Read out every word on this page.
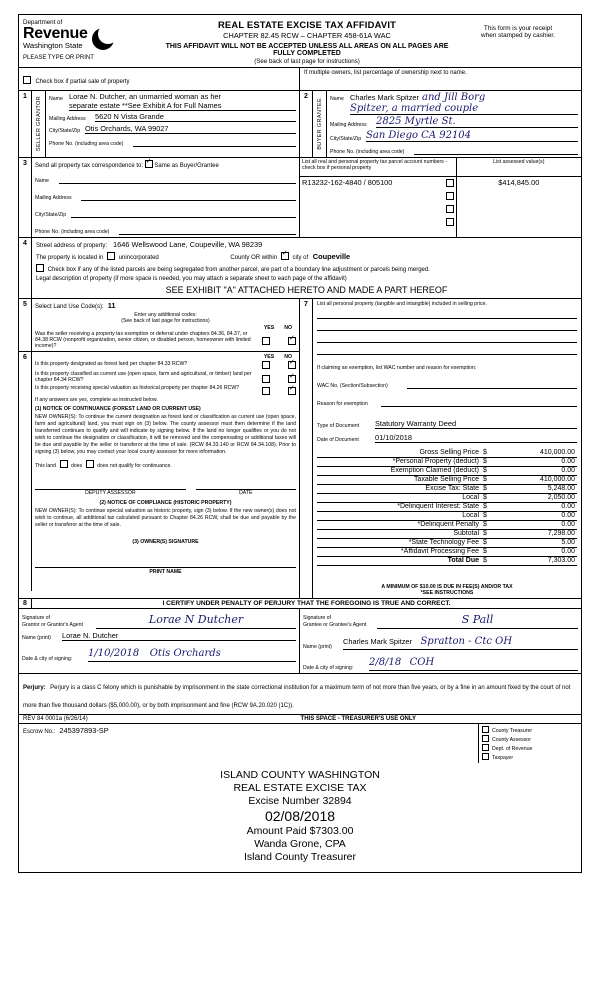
Department of
Revenue
Washington State
PLEASE TYPE OR PRINT
REAL ESTATE EXCISE TAX AFFIDAVIT
CHAPTER 82.45 RCW – CHAPTER 458-61A WAC
THIS AFFIDAVIT WILL NOT BE ACCEPTED UNLESS ALL AREAS ON ALL PAGES ARE FULLY COMPLETED
(See back of last page for instructions)
This form is your receipt
when stamped by cashier.
Check box if partial sale of property
If multiple owners, list percentage of ownership next to name.
1	SELLER GRANTOR Name Lorae N. Dutcher, an unmarried woman as her
separate estate **See Exhibit A for Full Names
Mailing Address	5620 N Vista Grande
City/State/Zip Otis Orchards, WA 99027
Phone No. (including area code)
2
BUYER GRANTEE Name Charles Mark Spitzer and Jill Borg
Spitzer, a married couple
Mailing Address 2825 Myrtle St.
City/State/Zip San Diego CA 92104
Phone No. (including area code)
3	Send all property tax correspondence to: ✓ Same as Buyer/Grantee
Name
Mailing Address
City/State/Zip
Phone No. (including area code)
List all real and personal property tax parcel account numbers - check box if personal property
R13232-162-4840 / 805100
List assessed value(s)
$414,845.00
4	Street address of property: 1646 Wellswood Lane, Coupeville, WA 98239
The property is located in	unincorporated	County OR within ✓	city of Coupeville
Check box if any of the listed parcels are being segregated from another parcel, are part of a boundary line adjustment or parcels being merged.
Legal description of property (if more space is needed, you may attach a separate sheet to each page of the affidavit)
SEE EXHIBIT "A" ATTACHED HERETO AND MADE A PART HEREOF
5	Select Land Use Code(s): 11
Enter any additional codes:
(See back of last page for instructions)
YES NO
Was the seller receiving a property tax exemption or deferral under chapters 84.36, 84.37, or 84.38 RCW (nonprofit organization, senior citizen, or disabled person, homeowner with limited income)?
✓
6	YES NO
Is this property designated as forest land per chapter 84.33 RCW?
✓
Is this property classified as current use (open space, farm and agricultural, or timber) land per chapter 84.34 RCW?
✓
Is this property receiving special valuation as historical property per chapter 84.26 RCW?
✓
If any answers are yes, complete as instructed below.
(1) NOTICE OF CONTINUANCE (FOREST LAND OR CURRENT USE)
NEW OWNER(S): To continue the current designation as forest land or classification as current use (open space, farm and agricultural) land, you must sign on (3) below. The county assessor must then determine if the land transferred continues to qualify and will indicate by signing below. If the land no longer qualifies or you do not wish to continue the designation or classification, it will be removed and the compensating or additional taxes will be due and payable by the seller or transferor at the time of sale. (RCW 84.33.140 or RCW 84.34.108). Prior to signing (3) below, you may contact your local county assessor for more information.
This land	does	does not qualify for continuance.
DEPUTY ASSESSOR	DATE
(2) NOTICE OF COMPLIANCE (HISTORIC PROPERTY)
NEW OWNER(S): To continue special valuation as historic property, sign (3) below. If the new owner(s) does not wish to continue, all additional tax calculated pursuant to Chapter 84.26 RCW, shall be due and payable by the seller or transferor at the time of sale.
(3) OWNER(S) SIGNATURE
PRINT NAME
7	List all personal property (tangible and intangible) included in selling price.
If claiming an exemption, list WAC number and reason for exemption:
WAC No. (Section/Subsection)
Reason for exemption
Type of Document	Statutory Warranty Deed
Date of Document	01/10/2018
Gross Selling Price $	410,000.00
*Personal Property (deduct) $	0.00
Exemption Claimed (deduct) $	0.00
Taxable Selling Price $	410,000.00
Excise Tax: State $	5,248.00
Local $	2,050.00
*Delinquent Interest: State $	0.00
Local $	0.00
*Delinquent Penalty $	0.00
Subtotal $	7,298.00
*State Technology Fee $	5.00
*Affidavit Processing Fee $	0.00
Total Due $	7,303.00
A MINIMUM OF $10.00 IS DUE IN FEE(S) AND/OR TAX
*SEE INSTRUCTIONS
8	I CERTIFY UNDER PENALTY OF PERJURY THAT THE FOREGOING IS TRUE AND CORRECT.
Signature of
Grantor or Grantor's Agent	Lorae N Dutcher
Name (print)	Lorae N. Dutcher
Date & city of signing:	1/10/2018 Otis Orchards
Signature of
Grantee or Grantee's Agent	S Pall
Name (print)
Charles Mark Spitzer Spratton - Ctc OH
Date & city of signing:	2/8/18 COH
Perjury: Perjury is a class C felony which is punishable by imprisonment in the state correctional institution for a maximum term of not more than five years, or by a fine in an amount fixed by the court of not more than five thousand dollars ($5,000.00), or by both imprisonment and fine (RCW 9A.20.020 (1C)).
REV 84 0001a (6/26/14)	THIS SPACE - TREASURER'S USE ONLY
Escrow No.: 245397893-SP	County Treasurer
County Assessor
Dept. of Revenue
Taxpayer
ISLAND COUNTY WASHINGTON
REAL ESTATE EXCISE TAX
Excise Number 32894
02/08/2018
Amount Paid $7303.00
Wanda Grone, CPA
Island County Treasurer
